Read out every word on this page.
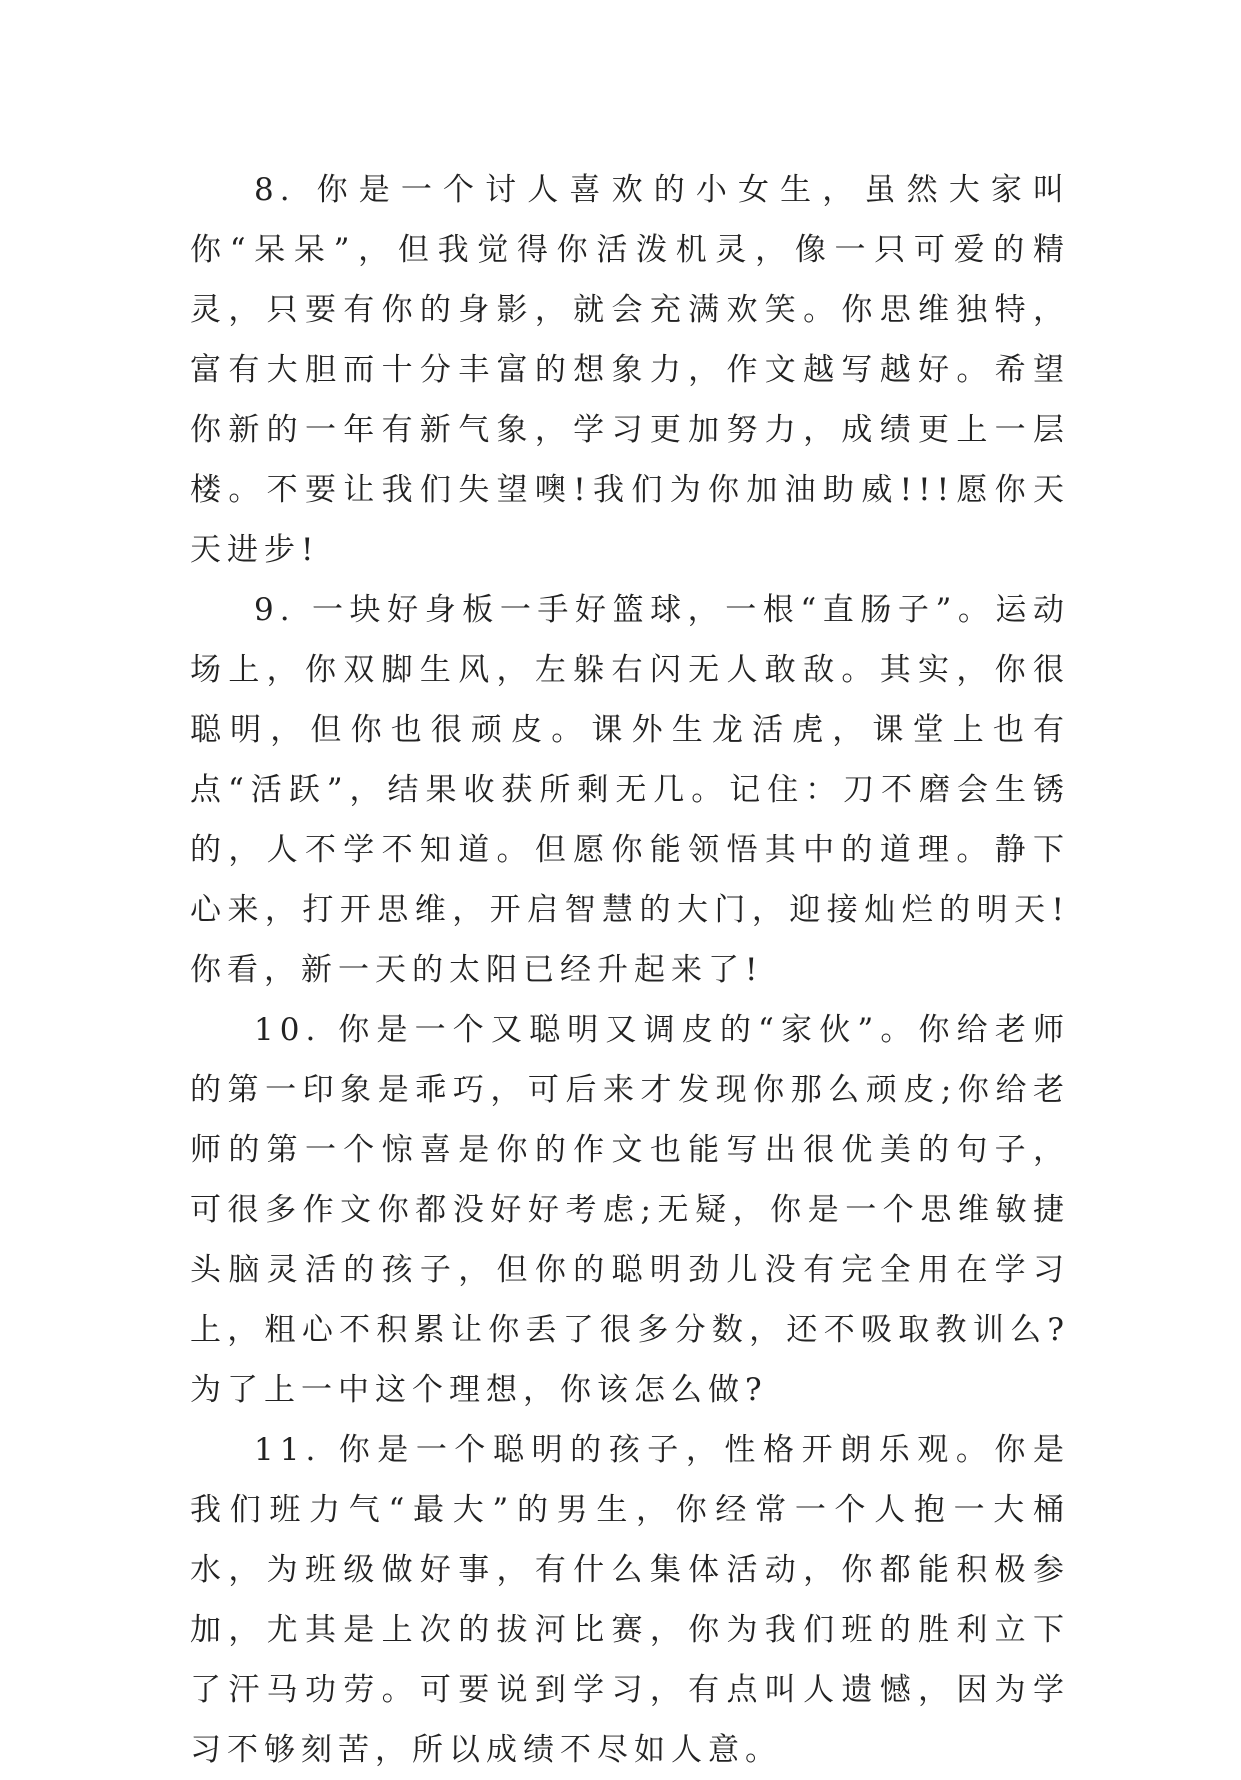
8. 你是一个讨人喜欢的小女生，虽然大家叫你“呆呆”，但我觉得你活泼机灵，像一只可爱的精灵，只要有你的身影，就会充满欢笑。你思维独特，富有大胆而十分丰富的想象力，作文越写越好。希望你新的一年有新气象，学习更加努力，成绩更上一层楼。不要让我们失望噢!我们为你加油助威!!!愿你天天进步!

9. 一块好身板一手好篮球，一根“直肠子”。运动场上，你双脚生风，左躲右闪无人敢敌。其实，你很聪明，但你也很顽皮。课外生龙活虎，课堂上也有点“活跃”，结果收获所剩无几。记住：刀不磨会生锈的，人不学不知道。但愿你能领悟其中的道理。静下心来，打开思维，开启智慧的大门，迎接灿烂的明天!你看，新一天的太阳已经升起来了!

10. 你是一个又聪明又调皮的“家伙”。你给老师的第一印象是乖巧，可后来才发现你那么顽皮;你给老师的第一个惊喜是你的作文也能写出很优美的句子，可很多作文你都没好好考虑;无疑，你是一个思维敏捷头脑灵活的孩子，但你的聪明劲儿没有完全用在学习上，粗心不积累让你丢了很多分数，还不吸取教训么?为了上一中这个理想，你该怎么做?

11. 你是一个聪明的孩子，性格开朗乐观。你是我们班力气“最大”的男生，你经常一个人抱一大桶水，为班级做好事，有什么集体活动，你都能积极参加，尤其是上次的拔河比赛，你为我们班的胜利立下了汗马功劳。可要说到学习，有点叫人遗憾，因为学习不够刻苦，所以成绩不尽如人意。
